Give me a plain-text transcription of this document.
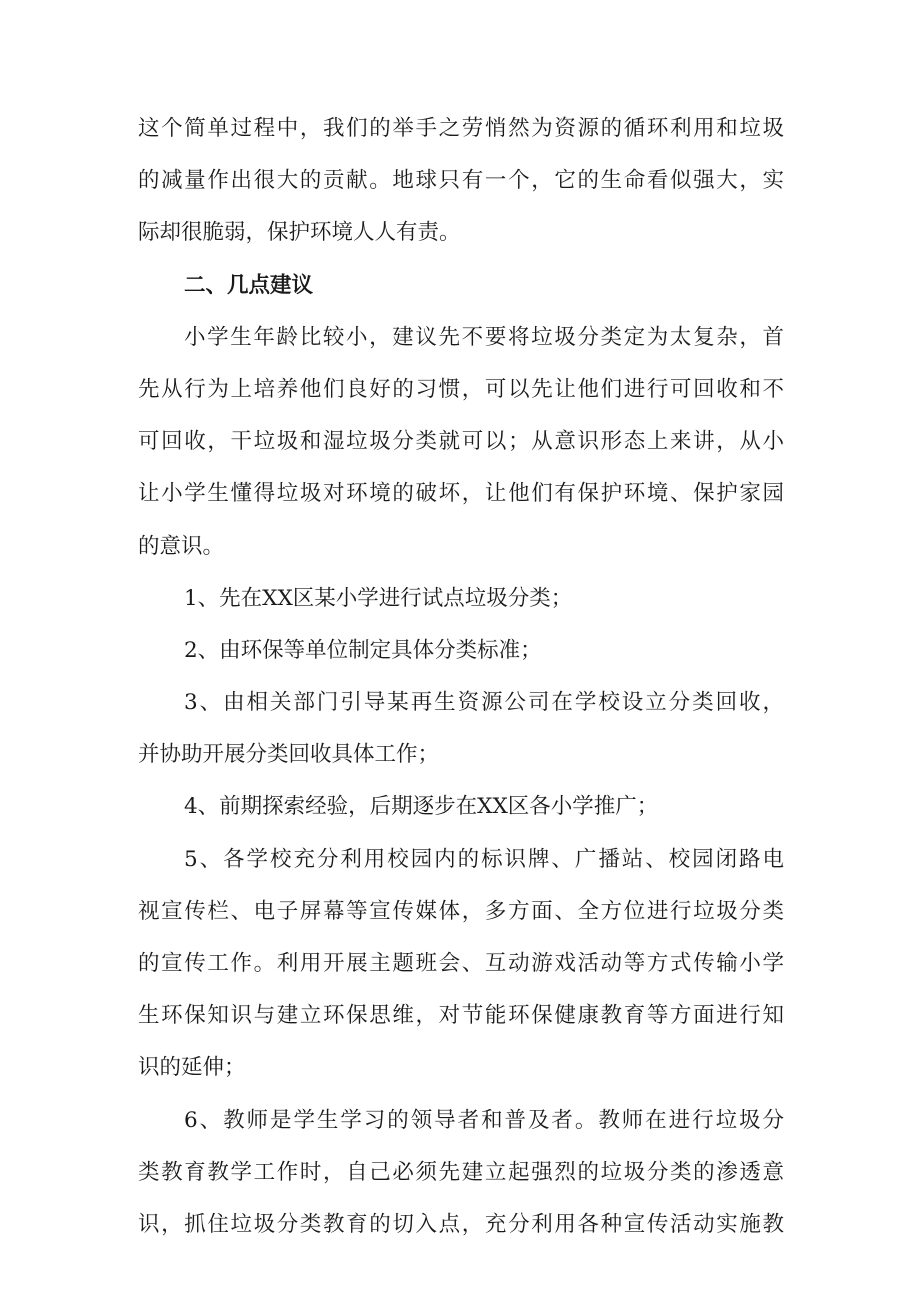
这个简单过程中，我们的举手之劳悄然为资源的循环利用和垃圾
的减量作出很大的贡献。地球只有一个，它的生命看似强大，实
际却很脆弱，保护环境人人有责。
二、几点建议
小学生年龄比较小，建议先不要将垃圾分类定为太复杂，首
先从行为上培养他们良好的习惯，可以先让他们进行可回收和不
可回收，干垃圾和湿垃圾分类就可以；从意识形态上来讲，从小
让小学生懂得垃圾对环境的破坏，让他们有保护环境、保护家园
的意识。
1、先在XX区某小学进行试点垃圾分类；
2、由环保等单位制定具体分类标准；
3、由相关部门引导某再生资源公司在学校设立分类回收，
并协助开展分类回收具体工作；
4、前期探索经验，后期逐步在XX区各小学推广；
5、各学校充分利用校园内的标识牌、广播站、校园闭路电
视宣传栏、电子屏幕等宣传媒体，多方面、全方位进行垃圾分类
的宣传工作。利用开展主题班会、互动游戏活动等方式传输小学
生环保知识与建立环保思维，对节能环保健康教育等方面进行知
识的延伸；
6、教师是学生学习的领导者和普及者。教师在进行垃圾分
类教育教学工作时，自己必须先建立起强烈的垃圾分类的渗透意
识，抓住垃圾分类教育的切入点，充分利用各种宣传活动实施教
